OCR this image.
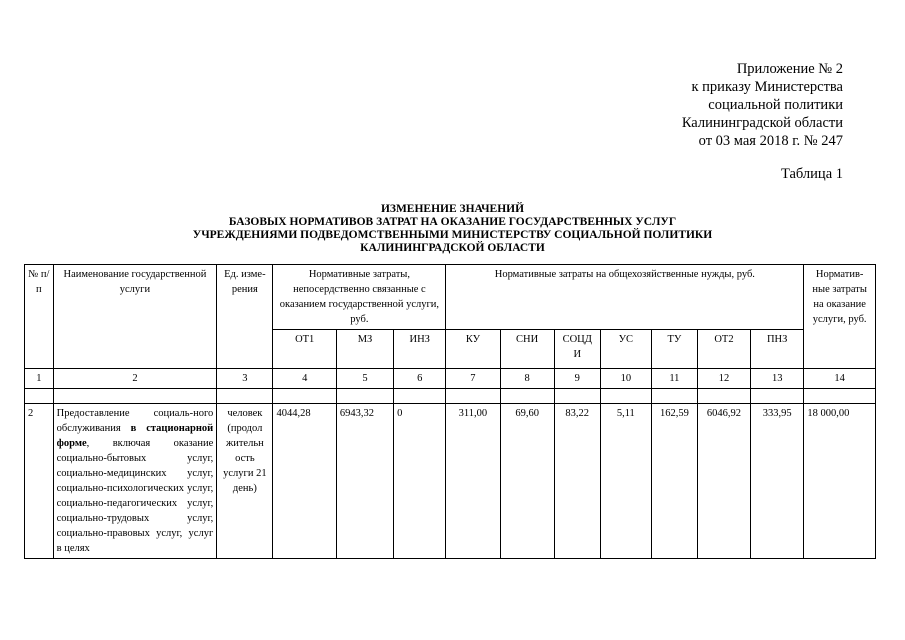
Приложение № 2
к приказу Министерства
социальной политики
Калининградской области
от 03 мая 2018 г. № 247
Таблица 1
ИЗМЕНЕНИЕ ЗНАЧЕНИЙ
БАЗОВЫХ НОРМАТИВОВ ЗАТРАТ НА ОКАЗАНИЕ ГОСУДАРСТВЕННЫХ УСЛУГ
УЧРЕЖДЕНИЯМИ ПОДВЕДОМСТВЕННЫМИ МИНИСТЕРСТВУ СОЦИАЛЬНОЙ ПОЛИТИКИ
КАЛИНИНГРАДСКОЙ ОБЛАСТИ
№ п/п	Наименование государственной услуги	Ед. изме-рения	Нормативные затраты, непосердственно связанные с оказанием государственной услуги, руб.			Нормативные затраты на общехозяйственные нужды, руб.							Норматив-ные затраты на оказание услуги, руб.
			ОТ1	МЗ	ИНЗ	КУ	СНИ	СОЦД И	УС	ТУ	ОТ2	ПНЗ	
1	2	3	4	5	6	7	8	9	10	11	12	13	14

2	Предоставление социаль-ного обслуживания в стационарной форме, включая оказание социально-бытовых услуг, социально-медицинских услуг, социально-психологических услуг, социально-педагогических услуг, социально-трудовых услуг, социально-правовых услуг, услуг в целях	человек (продол жительн ость услуги 21 день)	4044,28	6943,32	0	311,00	69,60	83,22	5,11	162,59	6046,92	333,95	18 000,00
